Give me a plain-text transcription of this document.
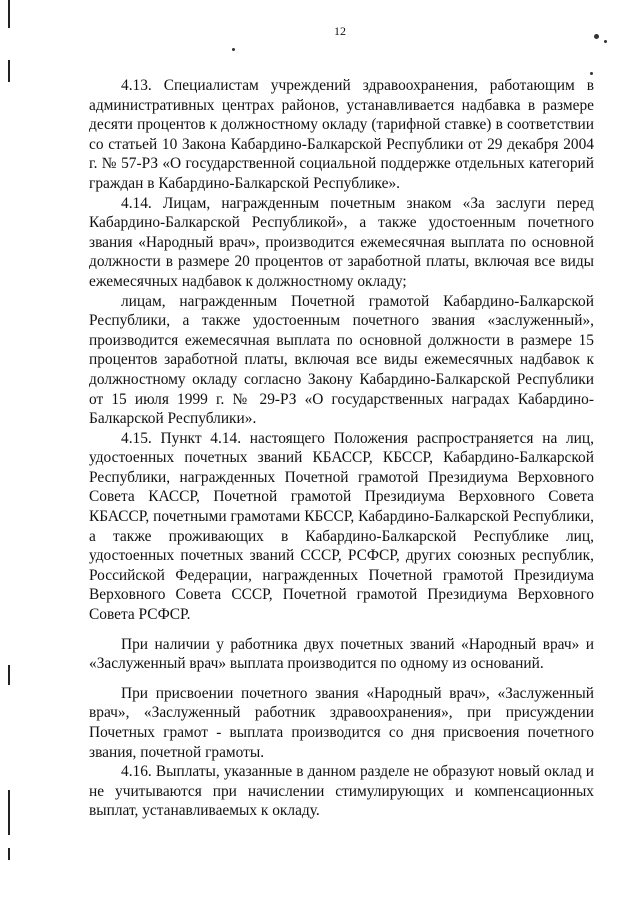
12

4.13. Специалистам учреждений здравоохранения, работающим в административных центрах районов, устанавливается надбавка в размере десяти процентов к должностному окладу (тарифной ставке) в соответствии со статьей 10 Закона Кабардино-Балкарской Республики от 29 декабря 2004 г. № 57-РЗ «О государственной социальной поддержке отдельных категорий граждан в Кабардино-Балкарской Республике».

4.14. Лицам, награжденным почетным знаком «За заслуги перед Кабардино-Балкарской Республикой», а также удостоенным почетного звания «Народный врач», производится ежемесячная выплата по основной должности в размере 20 процентов от заработной платы, включая все виды ежемесячных надбавок к должностному окладу;

лицам, награжденным Почетной грамотой Кабардино-Балкарской Республики, а также удостоенным почетного звания «заслуженный», производится ежемесячная выплата по основной должности в размере 15 процентов заработной платы, включая все виды ежемесячных надбавок к должностному окладу согласно Закону Кабардино-Балкарской Республики от 15 июля 1999 г. № 29-РЗ «О государственных наградах Кабардино-Балкарской Республики».

4.15. Пункт 4.14. настоящего Положения распространяется на лиц, удостоенных почетных званий КБАССР, КБССР, Кабардино-Балкарской Республики, награжденных Почетной грамотой Президиума Верховного Совета КАССР, Почетной грамотой Президиума Верховного Совета КБАССР, почетными грамотами КБССР, Кабардино-Балкарской Республики, а также проживающих в Кабардино-Балкарской Республике лиц, удостоенных почетных званий СССР, РСФСР, других союзных республик, Российской Федерации, награжденных Почетной грамотой Президиума Верховного Совета СССР, Почетной грамотой Президиума Верховного Совета РСФСР.

При наличии у работника двух почетных званий «Народный врач» и «Заслуженный врач» выплата производится по одному из оснований.

При присвоении почетного звания «Народный врач», «Заслуженный врач», «Заслуженный работник здравоохранения», при присуждении Почетных грамот - выплата производится со дня присвоения почетного звания, почетной грамоты.

4.16. Выплаты, указанные в данном разделе не образуют новый оклад и не учитываются при начислении стимулирующих и компенсационных выплат, устанавливаемых к окладу.
